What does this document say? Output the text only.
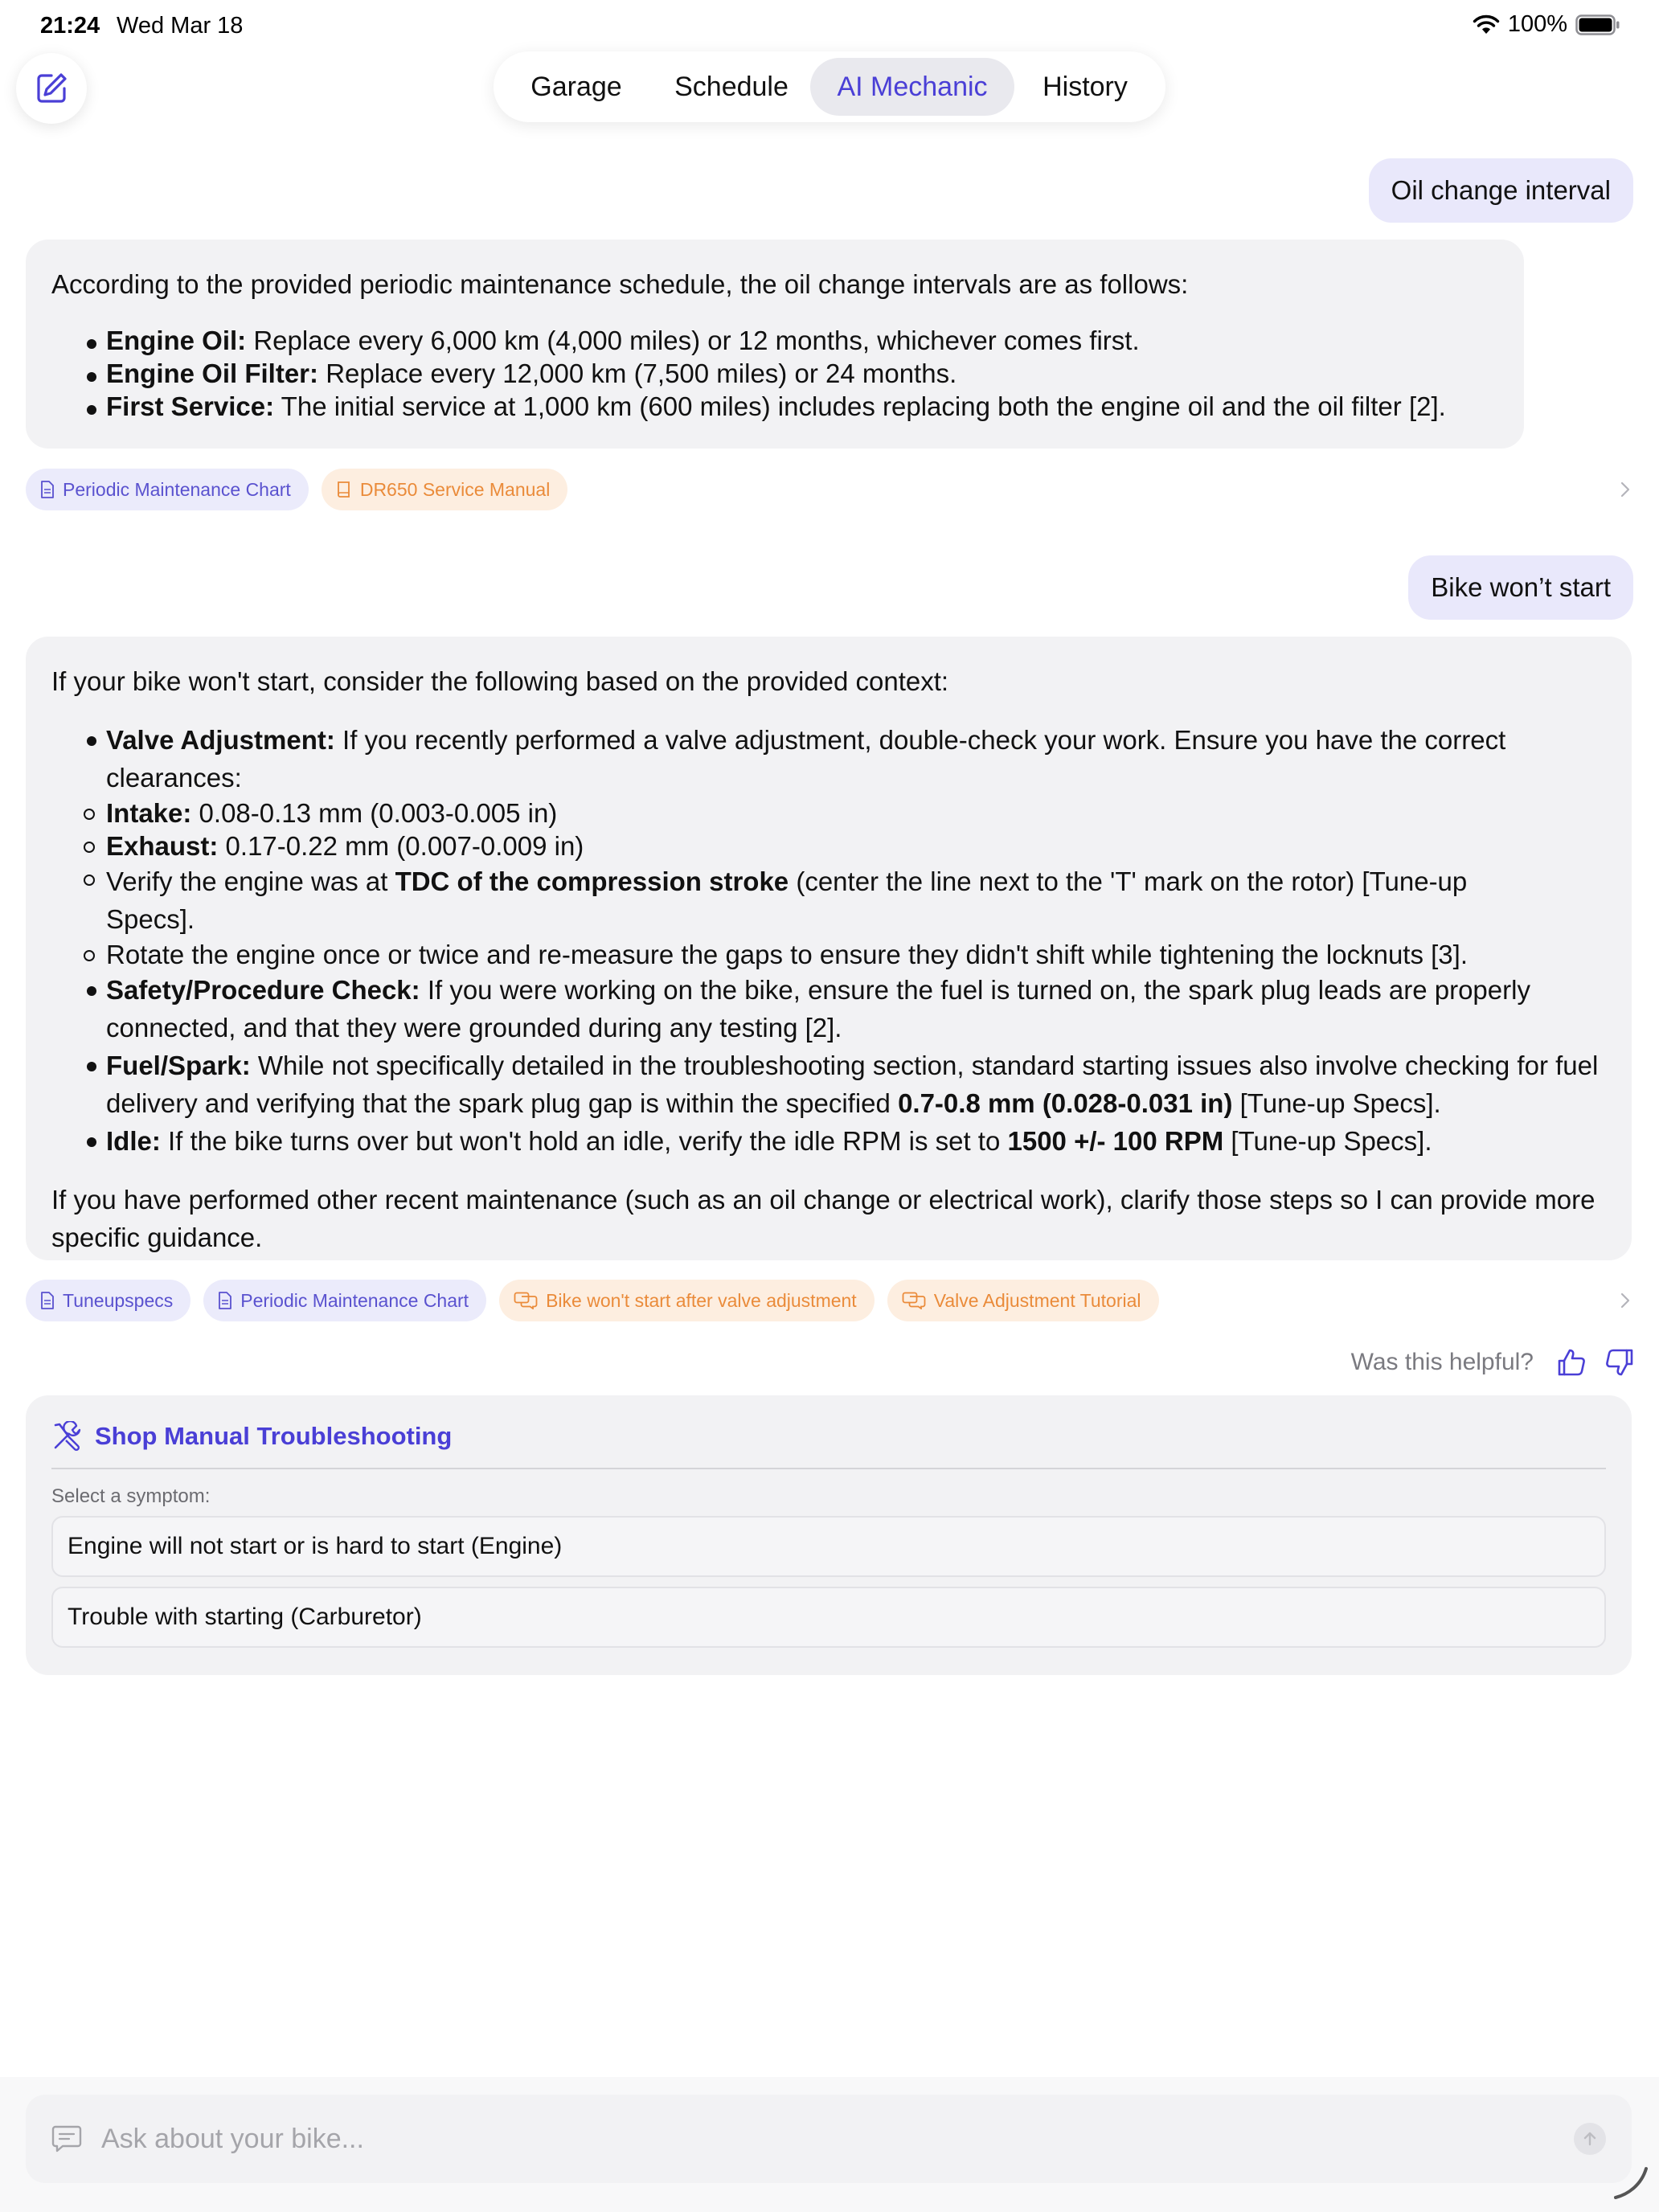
21:24 Wed Mar 18	100%
Garage	Schedule	AI Mechanic	History
Oil change interval

According to the provided periodic maintenance schedule, the oil change intervals are as follows:

Engine Oil: Replace every 6,000 km (4,000 miles) or 12 months, whichever comes first.
Engine Oil Filter: Replace every 12,000 km (7,500 miles) or 24 months.
First Service: The initial service at 1,000 km (600 miles) includes replacing both the engine oil and the oil filter [2].
Periodic Maintenance Chart	DR650 Service Manual
Bike won’t start

If your bike won't start, consider the following based on the provided context:

Valve Adjustment: If you recently performed a valve adjustment, double-check your work. Ensure you have the correct clearances:
Intake: 0.08-0.13 mm (0.003-0.005 in)
Exhaust: 0.17-0.22 mm (0.007-0.009 in)
Verify the engine was at TDC of the compression stroke (center the line next to the 'T' mark on the rotor) [Tune-up Specs].
Rotate the engine once or twice and re-measure the gaps to ensure they didn't shift while tightening the locknuts [3].
Safety/Procedure Check: If you were working on the bike, ensure the fuel is turned on, the spark plug leads are properly connected, and that they were grounded during any testing [2].
Fuel/Spark: While not specifically detailed in the troubleshooting section, standard starting issues also involve checking for fuel delivery and verifying that the spark plug gap is within the specified 0.7-0.8 mm (0.028-0.031 in) [Tune-up Specs].
Idle: If the bike turns over but won't hold an idle, verify the idle RPM is set to 1500 +/- 100 RPM [Tune-up Specs].

If you have performed other recent maintenance (such as an oil change or electrical work), clarify those steps so I can provide more specific guidance.

Tuneupspecs	Periodic Maintenance Chart	Bike won't start after valve adjustment	Valve Adjustment Tutorial
Was this helpful?
Shop Manual Troubleshooting
Select a symptom:
Engine will not start or is hard to start (Engine)
Trouble with starting (Carburetor)
Ask about your bike...
